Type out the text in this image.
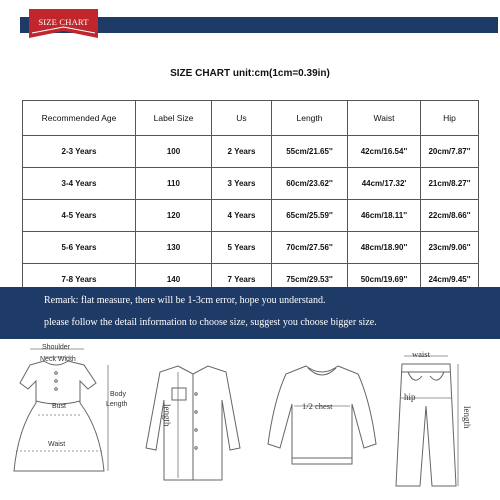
SIZE CHART
SIZE CHART unit:cm(1cm=0.39in)
Recommended Age	Label Size	Us	Length	Waist	Hip
2-3 Years	100	2 Years	55cm/21.65''	42cm/16.54''	20cm/7.87''
3-4 Years	110	3 Years	60cm/23.62''	44cm/17.32'	21cm/8.27''
4-5 Years	120	4 Years	65cm/25.59''	46cm/18.11''	22cm/8.66''
5-6 Years	130	5 Years	70cm/27.56''	48cm/18.90''	23cm/9.06''
7-8 Years	140	7 Years	75cm/29.53''	50cm/19.69''	24cm/9.45''
Remark: flat measure, there will be 1-3cm error, hope you understand.
please follow the detail information to choose size, suggest you choose bigger size.
Shoulder
Neck Width
Body
Length
Bust
Waist
length	1/2 chest
waist
hip
length
